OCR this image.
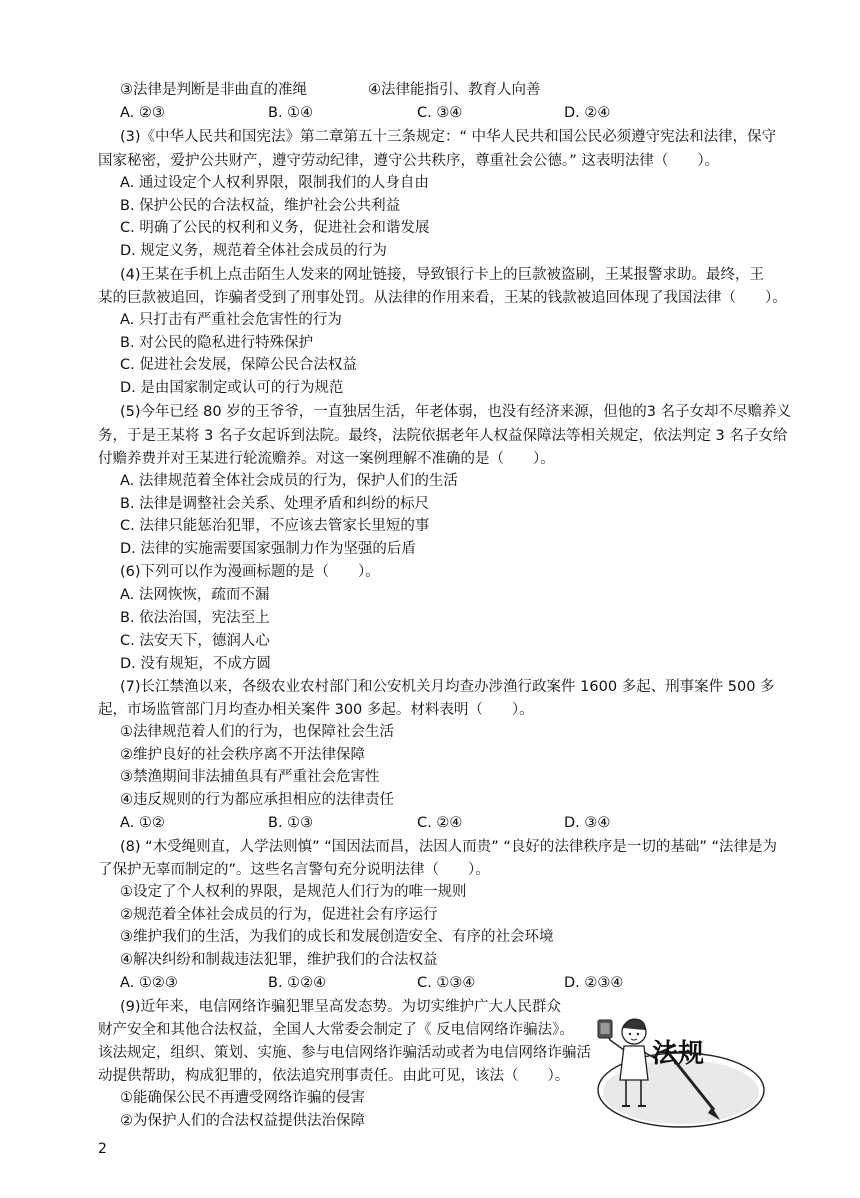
③法律是判断是非曲直的准绳	④法律能指引、教育人向善
A. ②③	B. ①④	C. ③④	D. ②④
(3)《中华人民共和国宪法》第二章第五十三条规定：“ 中华人民共和国公民必须遵守宪法和法律，保守
国家秘密，爱护公共财产，遵守劳动纪律，遵守公共秩序，尊重社会公德。” 这表明法律（　　）。
A. 通过设定个人权利界限，限制我们的人身自由
B. 保护公民的合法权益，维护社会公共利益
C. 明确了公民的权利和义务，促进社会和谐发展
D. 规定义务，规范着全体社会成员的行为
(4)王某在手机上点击陌生人发来的网址链接，导致银行卡上的巨款被盗刷，王某报警求助。最终，王
某的巨款被追回，诈骗者受到了刑事处罚。从法律的作用来看，王某的钱款被追回体现了我国法律（　　）。
A. 只打击有严重社会危害性的行为
B. 对公民的隐私进行特殊保护
C. 促进社会发展，保障公民合法权益
D. 是由国家制定或认可的行为规范
(5)今年已经 80 岁的王爷爷，一直独居生活，年老体弱，也没有经济来源，但他的3 名子女却不尽赡养义
务，于是王某将 3 名子女起诉到法院。最终，法院依据老年人权益保障法等相关规定，依法判定 3 名子女给
付赡养费并对王某进行轮流赡养。对这一案例理解不准确的是（　　）。
A. 法律规范着全体社会成员的行为，保护人们的生活
B. 法律是调整社会关系、处理矛盾和纠纷的标尺
C. 法律只能惩治犯罪，不应该去管家长里短的事
D. 法律的实施需要国家强制力作为坚强的后盾
(6)下列可以作为漫画标题的是（　　）。
A. 法网恢恢，疏而不漏
B. 依法治国，宪法至上
C. 法安天下，德润人心
D. 没有规矩，不成方圆
(7)长江禁渔以来，各级农业农村部门和公安机关月均查办涉渔行政案件 1600 多起、刑事案件 500 多
起，市场监管部门月均查办相关案件 300 多起。材料表明（　　）。
①法律规范着人们的行为，也保障社会生活
②维护良好的社会秩序离不开法律保障
③禁渔期间非法捕鱼具有严重社会危害性
④违反规则的行为都应承担相应的法律责任
A. ①②	B. ①③	C. ②④	D. ③④
(8) “木受绳则直，人学法则慎” “国因法而昌，法因人而贵” “良好的法律秩序是一切的基础” “法律是为
了保护无辜而制定的”。这些名言警句充分说明法律（　　）。
①设定了个人权利的界限，是规范人们行为的唯一规则
②规范着全体社会成员的行为，促进社会有序运行
③维护我们的生活，为我们的成长和发展创造安全、有序的社会环境
④解决纠纷和制裁违法犯罪，维护我们的合法权益
A. ①②③	B. ①②④	C. ①③④	D. ②③④
(9)近年来，电信网络诈骗犯罪呈高发态势。为切实维护广大人民群众
财产安全和其他合法权益，全国人大常委会制定了《 反电信网络诈骗法》。
该法规定，组织、策划、实施、参与电信网络诈骗活动或者为电信网络诈骗活
动提供帮助，构成犯罪的，依法追究刑事责任。由此可见，该法（　　）。
①能确保公民不再遭受网络诈骗的侵害
②为保护人们的合法权益提供法治保障
法规
2
